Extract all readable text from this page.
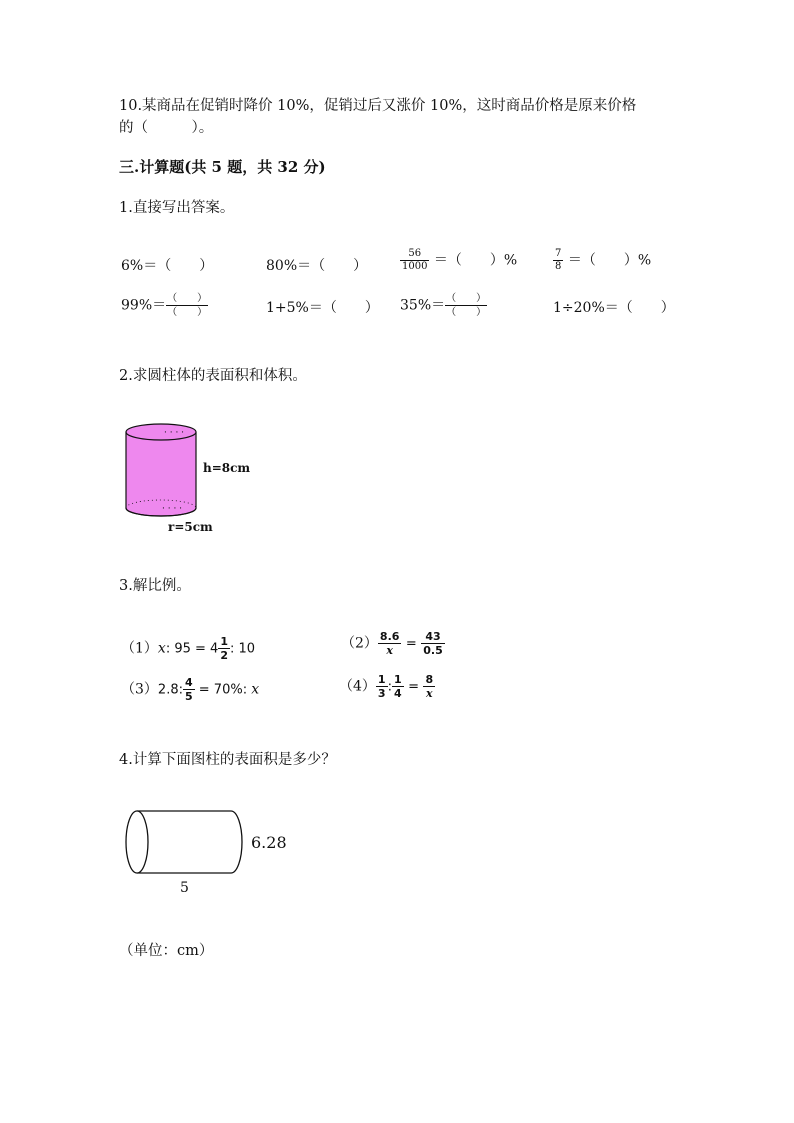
10.某商品在促销时降价 10%，促销过后又涨价 10%，这时商品价格是原来价格
的（　　　）。
三.计算题(共 5 题，共 32 分)
1.直接写出答案。
6%＝（　　）	80%＝（　　）	$\frac{56}{1000}$ ＝（　　）%	$\frac{7}{8}$ ＝（　　）%
$99\%= \frac{( )}{( )}$	1+5%＝（　　） $35\%= \frac{( )}{( )}$	1÷20%＝（　　）
2.求圆柱体的表面积和体积。
· · · ·
· · · ·
h=8cm
r=5cm
3.解比例。
（1）x: $95 = 4 \frac{1}{2}$ : 10	$(2) \frac{8.6}{x} = \frac{43}{0.5}$
（3）2.8: $\frac{4}{5} = 70\%$: x	$(4) \frac{1}{3}$ : $\frac{1}{4} = \frac{8}{x}$
4.计算下面图柱的表面积是多少？
6.28
5
（单位：cm）
